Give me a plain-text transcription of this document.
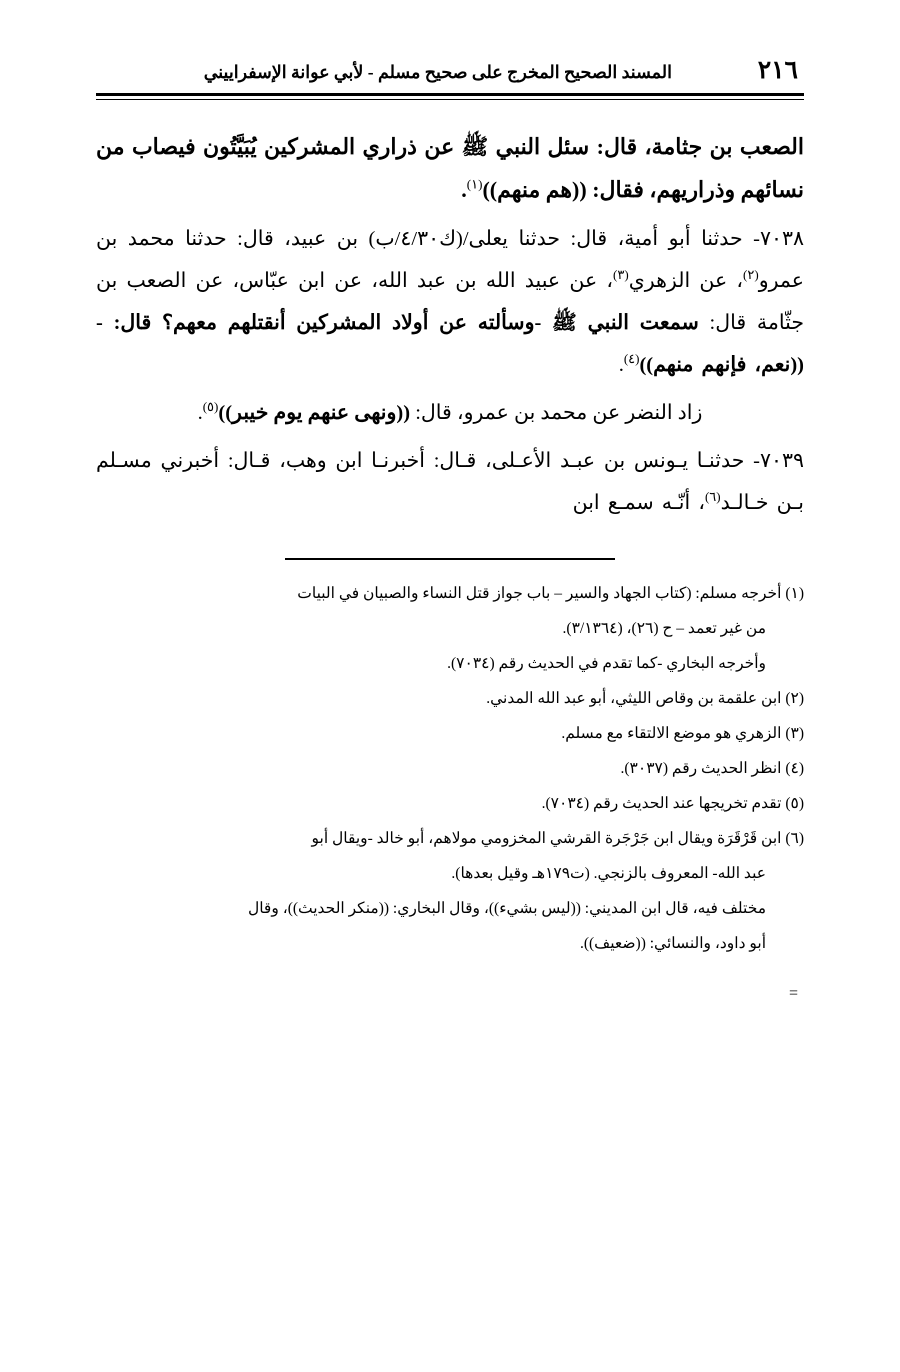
٢١٦
المسند الصحيح المخرج على صحيح مسلم - لأبي عوانة الإسفراييني

الصعب بن جثامة، قال: سئل النبي ﷺ عن ذراري المشركين يُبَيَّتُون فيصاب من نسائهم وذراريهم، فقال: ((هم منهم))$^{(١)}$.

٧٠٣٨- حدثنا أبو أمية، قال: حدثنا يعلى/(ك٤/٣٠/ب) بن عبيد، قال: حدثنا محمد بن عمرو$^{(٢)}$، عن الزهري$^{(٣)}$، عن عبيد الله بن عبد الله، عن ابن عبّاس، عن الصعب بن جثّامة قال: سمعت النبي ﷺ -وسألته عن أولاد المشركين أنقتلهم معهم؟ قال: - ((نعم، فإنهم منهم))$^{(٤)}$.

زاد النضر عن محمد بن عمرو، قال: ((ونهى عنهم يوم خيبر))$^{(٥)}$.

٧٠٣٩- حدثنـا يـونس بن عبـد الأعـلى، قـال: أخبرنـا ابن وهب، قـال: أخبرني مسـلم بـن خـالـد$^{(٦)}$، أنّـه سمـع ابن

(١) أخرجه مسلم: (كتاب الجهاد والسير – باب جواز قتل النساء والصبيان في البيات

من غير تعمد – ح (٢٦)، (٣/١٣٦٤).

وأخرجه البخاري -كما تقدم في الحديث رقم (٧٠٣٤).

(٢) ابن علقمة بن وقاص الليثي، أبو عبد الله المدني.

(٣) الزهري هو موضع الالتقاء مع مسلم.

(٤) انظر الحديث رقم (٣٠٣٧).

(٥) تقدم تخريجها عند الحديث رقم (٧٠٣٤).

(٦) ابن قَرْقَرَة ويقال ابن جَرْجَرة القرشي المخزومي مولاهم، أبو خالد -ويقال أبو

عبد الله- المعروف بالزنجي. (ت١٧٩هـ وقيل بعدها).

مختلف فيه، قال ابن المديني: ((ليس بشيء))، وقال البخاري: ((منكر الحديث))، وقال

أبو داود، والنسائي: ((ضعيف)).

=
